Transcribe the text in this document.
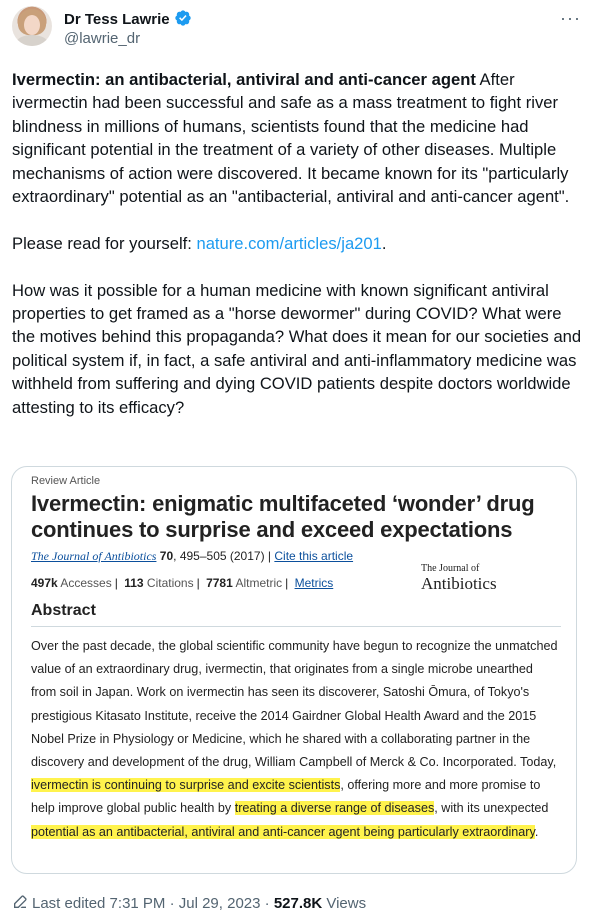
Dr Tess Lawrie
@lawrie_dr
···

Ivermectin: an antibacterial, antiviral and anti-cancer agent After ivermectin had been successful and safe as a mass treatment to fight river blindness in millions of humans, scientists found that the medicine had significant potential in the treatment of a variety of other diseases. Multiple mechanisms of action were discovered. It became known for its "particularly extraordinary" potential as an "antibacterial, antiviral and anti-cancer agent".

Please read for yourself: nature.com/articles/ja201.

How was it possible for a human medicine with known significant antiviral properties to get framed as a "horse dewormer" during COVID? What were the motives behind this propaganda? What does it mean for our societies and political system if, in fact, a safe antiviral and anti-inflammatory medicine was withheld from suffering and dying COVID patients despite doctors worldwide attesting to its efficacy?

Review Article
Ivermectin: enigmatic multifaceted ‘wonder’ drug continues to surprise and exceed expectations
The Journal of Antibiotics 70, 495–505 (2017) | Cite this article
497k Accesses | 113 Citations | 7781 Altmetric | Metrics
The Journal of
Antibiotics
Abstract
Over the past decade, the global scientific community have begun to recognize the unmatched value of an extraordinary drug, ivermectin, that originates from a single microbe unearthed from soil in Japan. Work on ivermectin has seen its discoverer, Satoshi Ōmura, of Tokyo's prestigious Kitasato Institute, receive the 2014 Gairdner Global Health Award and the 2015 Nobel Prize in Physiology or Medicine, which he shared with a collaborating partner in the discovery and development of the drug, William Campbell of Merck & Co. Incorporated. Today, ivermectin is continuing to surprise and excite scientists, offering more and more promise to help improve global public health by treating a diverse range of diseases, with its unexpected potential as an antibacterial, antiviral and anti-cancer agent being particularly extraordinary.
Last edited 7:31 PM · Jul 29, 2023 · 527.8K Views
